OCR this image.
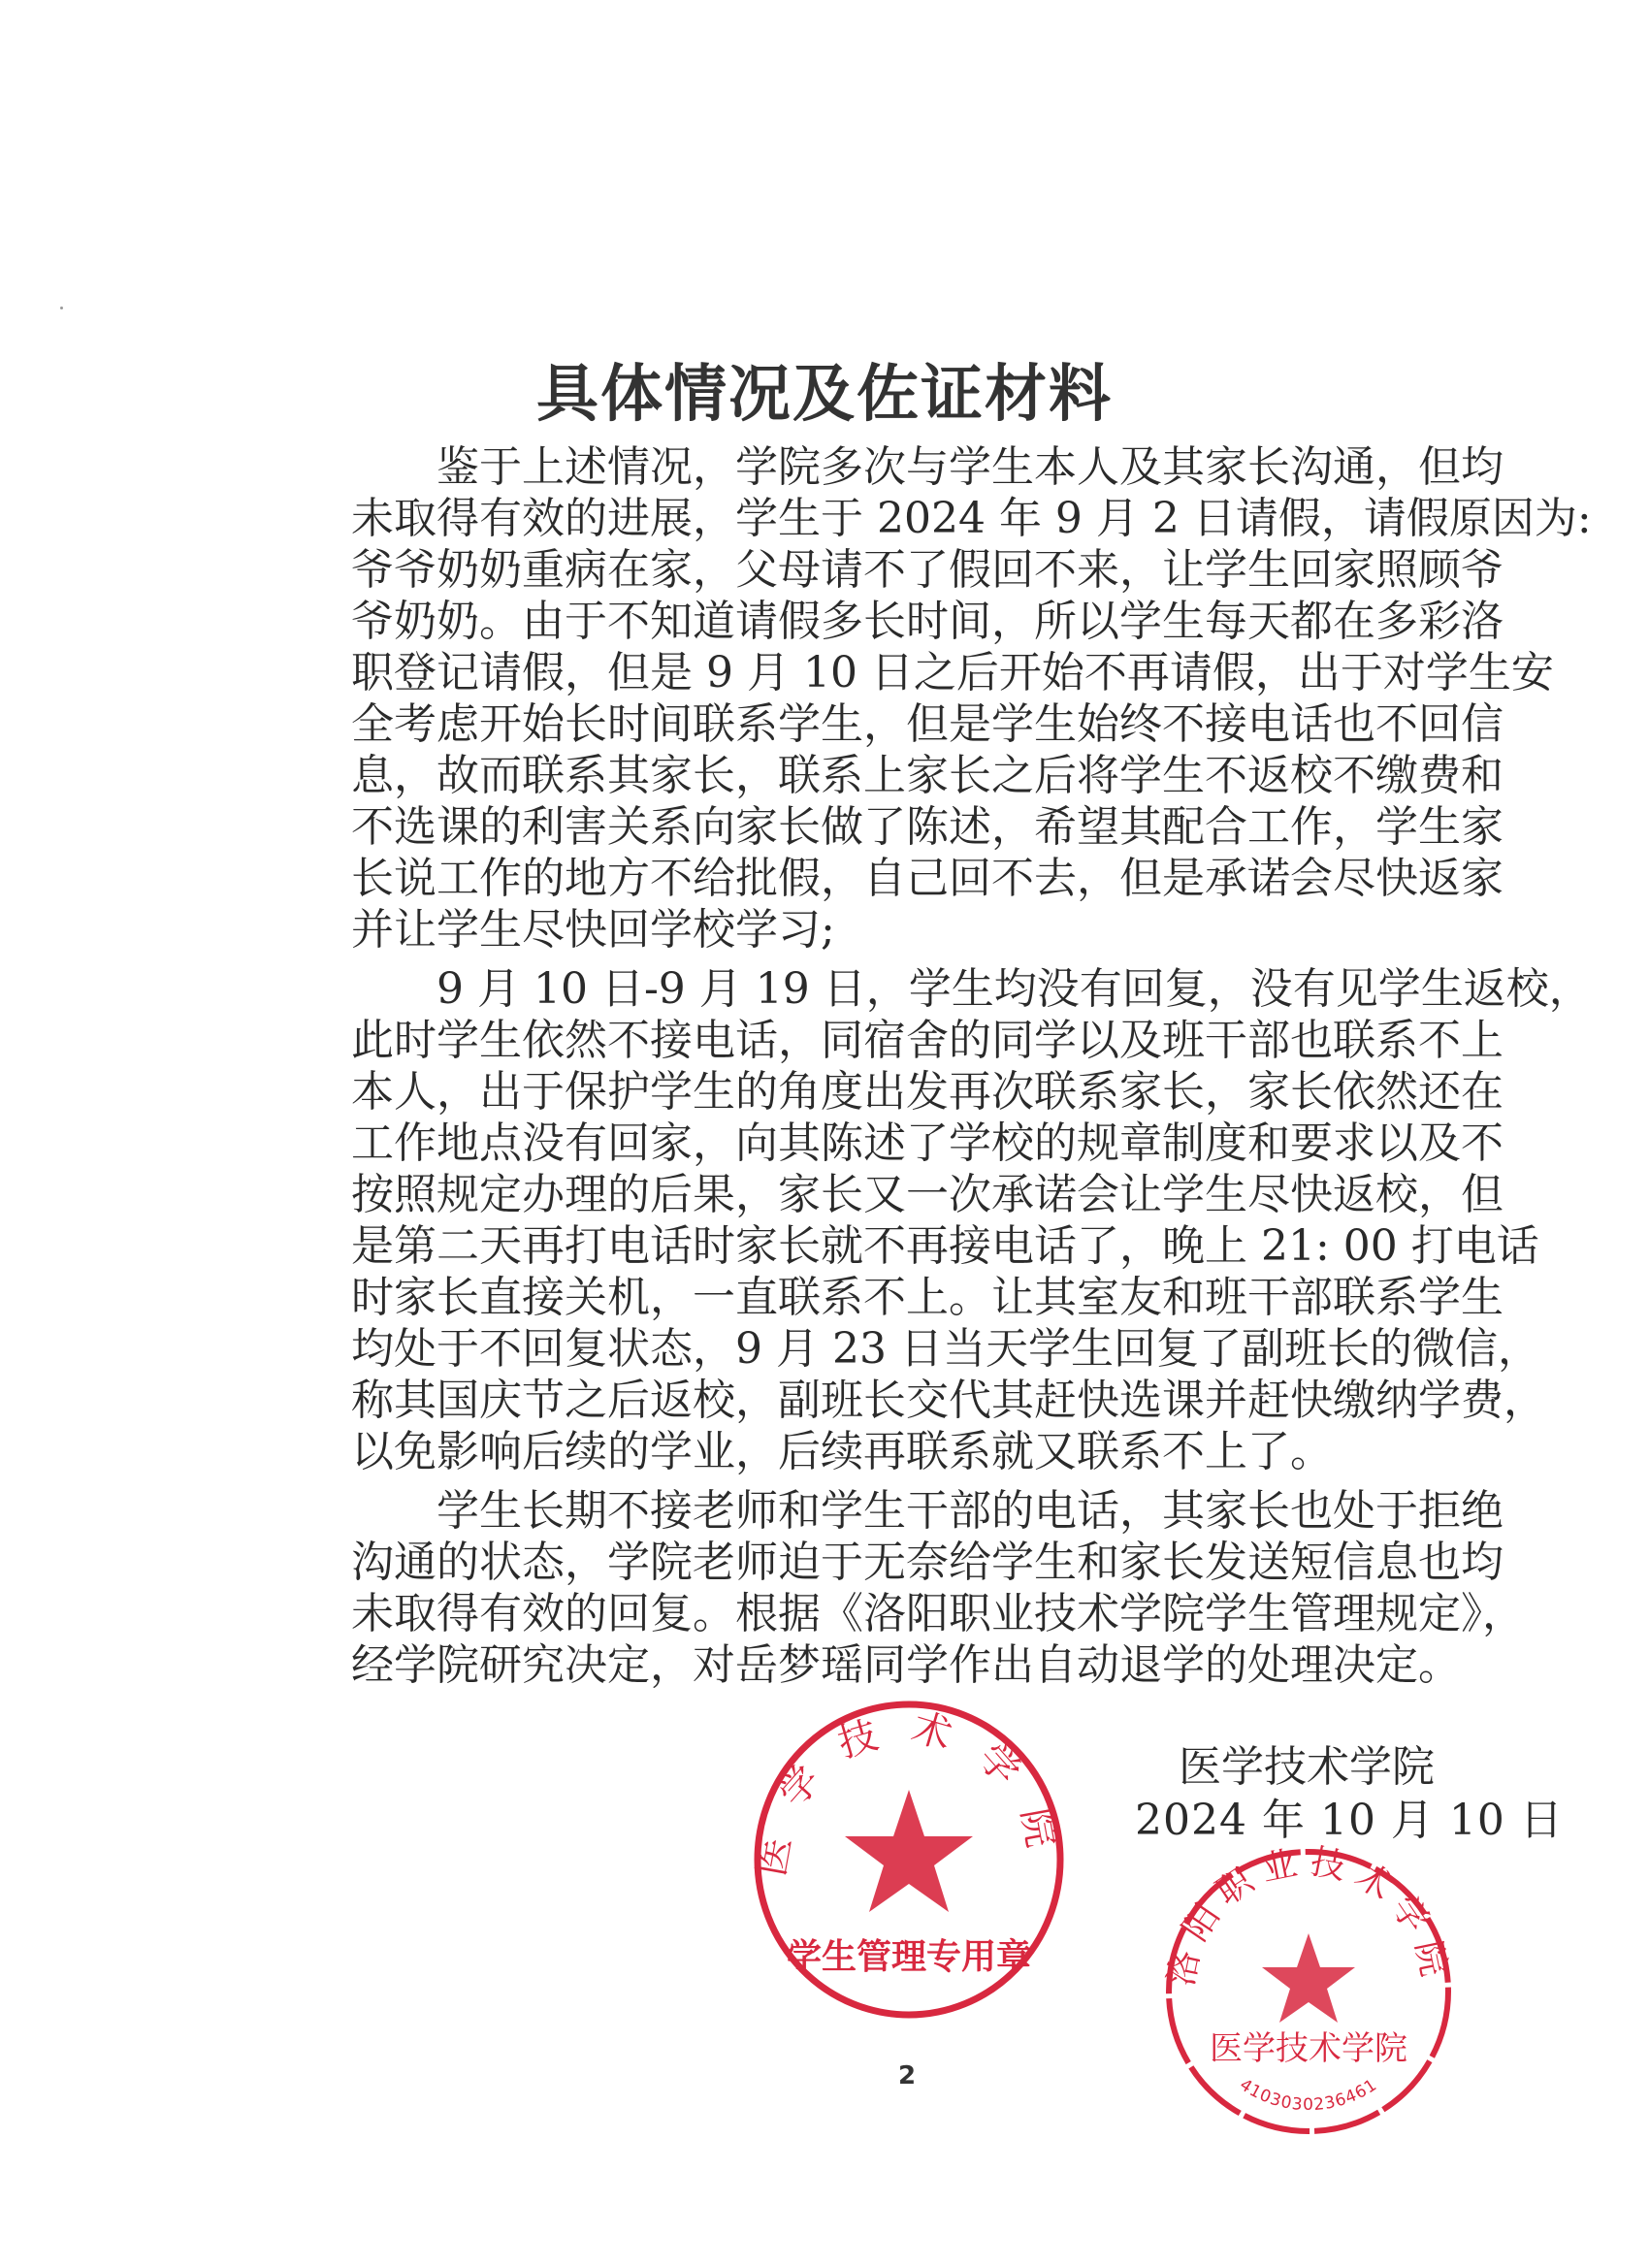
具体情况及佐证材料
鉴于上述情况，学院多次与学生本人及其家长沟通，但均
未取得有效的进展，学生于 2024 年 9 月 2 日请假，请假原因为:
爷爷奶奶重病在家，父母请不了假回不来，让学生回家照顾爷
爷奶奶。由于不知道请假多长时间，所以学生每天都在多彩洛
职登记请假，但是 9 月 10 日之后开始不再请假，出于对学生安
全考虑开始长时间联系学生，但是学生始终不接电话也不回信
息，故而联系其家长，联系上家长之后将学生不返校不缴费和
不选课的利害关系向家长做了陈述，希望其配合工作，学生家
长说工作的地方不给批假，自己回不去，但是承诺会尽快返家
并让学生尽快回学校学习;
9 月 10 日-9 月 19 日，学生均没有回复，没有见学生返校，
此时学生依然不接电话，同宿舍的同学以及班干部也联系不上
本人，出于保护学生的角度出发再次联系家长，家长依然还在
工作地点没有回家，向其陈述了学校的规章制度和要求以及不
按照规定办理的后果，家长又一次承诺会让学生尽快返校，但
是第二天再打电话时家长就不再接电话了，晚上 21: 00 打电话
时家长直接关机，一直联系不上。让其室友和班干部联系学生
均处于不回复状态，9 月 23 日当天学生回复了副班长的微信，
称其国庆节之后返校，副班长交代其赶快选课并赶快缴纳学费，
以免影响后续的学业，后续再联系就又联系不上了。
学生长期不接老师和学生干部的电话，其家长也处于拒绝
沟通的状态，学院老师迫于无奈给学生和家长发送短信息也均
未取得有效的回复。根据《洛阳职业技术学院学生管理规定》，
经学院研究决定，对岳梦瑶同学作出自动退学的处理决定。
医学技术学院
2024 年 10 月 10 日
医学技术学院
学生管理专用章	洛阳职业技术学院
医学技术学院
4103030236461
2
